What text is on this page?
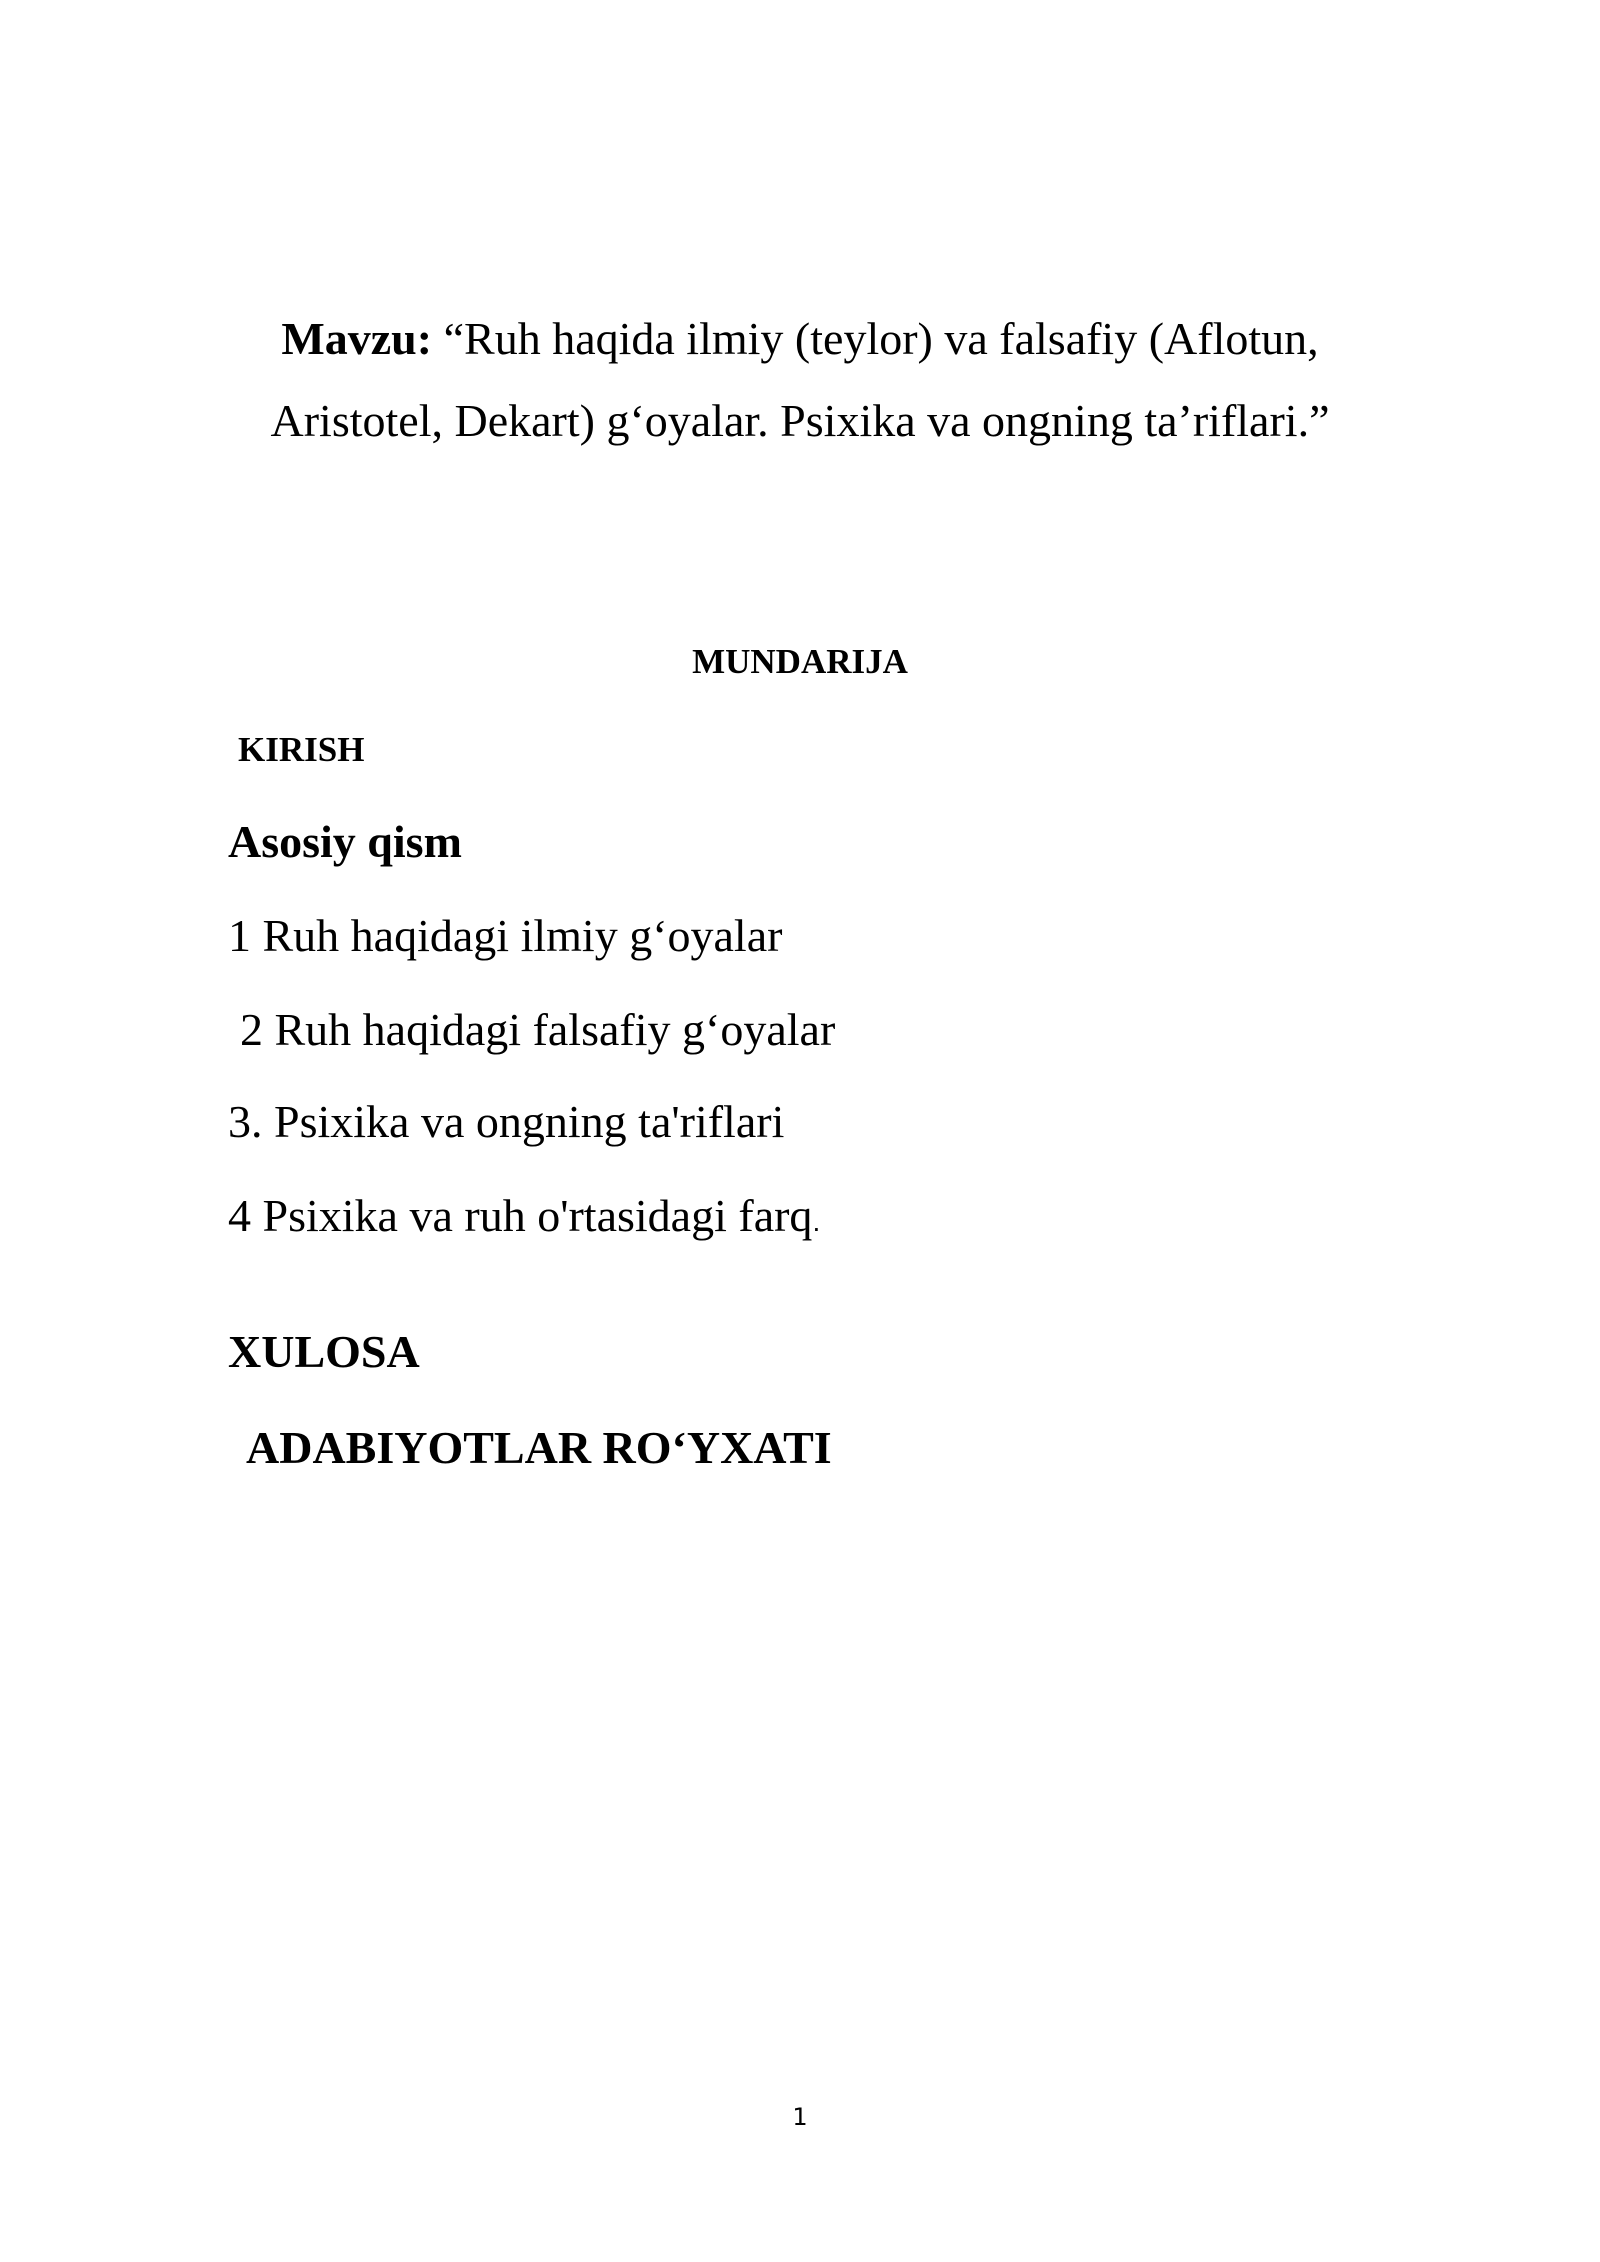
Mavzu: “Ruh haqida ilmiy (teylor) va falsafiy (Aflotun, Aristotel, Dekart) g‘oyalar. Psixika va ongning ta’riflari.”
MUNDARIJA
KIRISH
Asosiy qism
1 Ruh haqidagi ilmiy g‘oyalar
2 Ruh haqidagi falsafiy g‘oyalar
3. Psixika va ongning ta'riflari
4 Psixika va ruh o'rtasidagi farq.
XULOSA
ADABIYOTLAR RO‘YXATI
1
